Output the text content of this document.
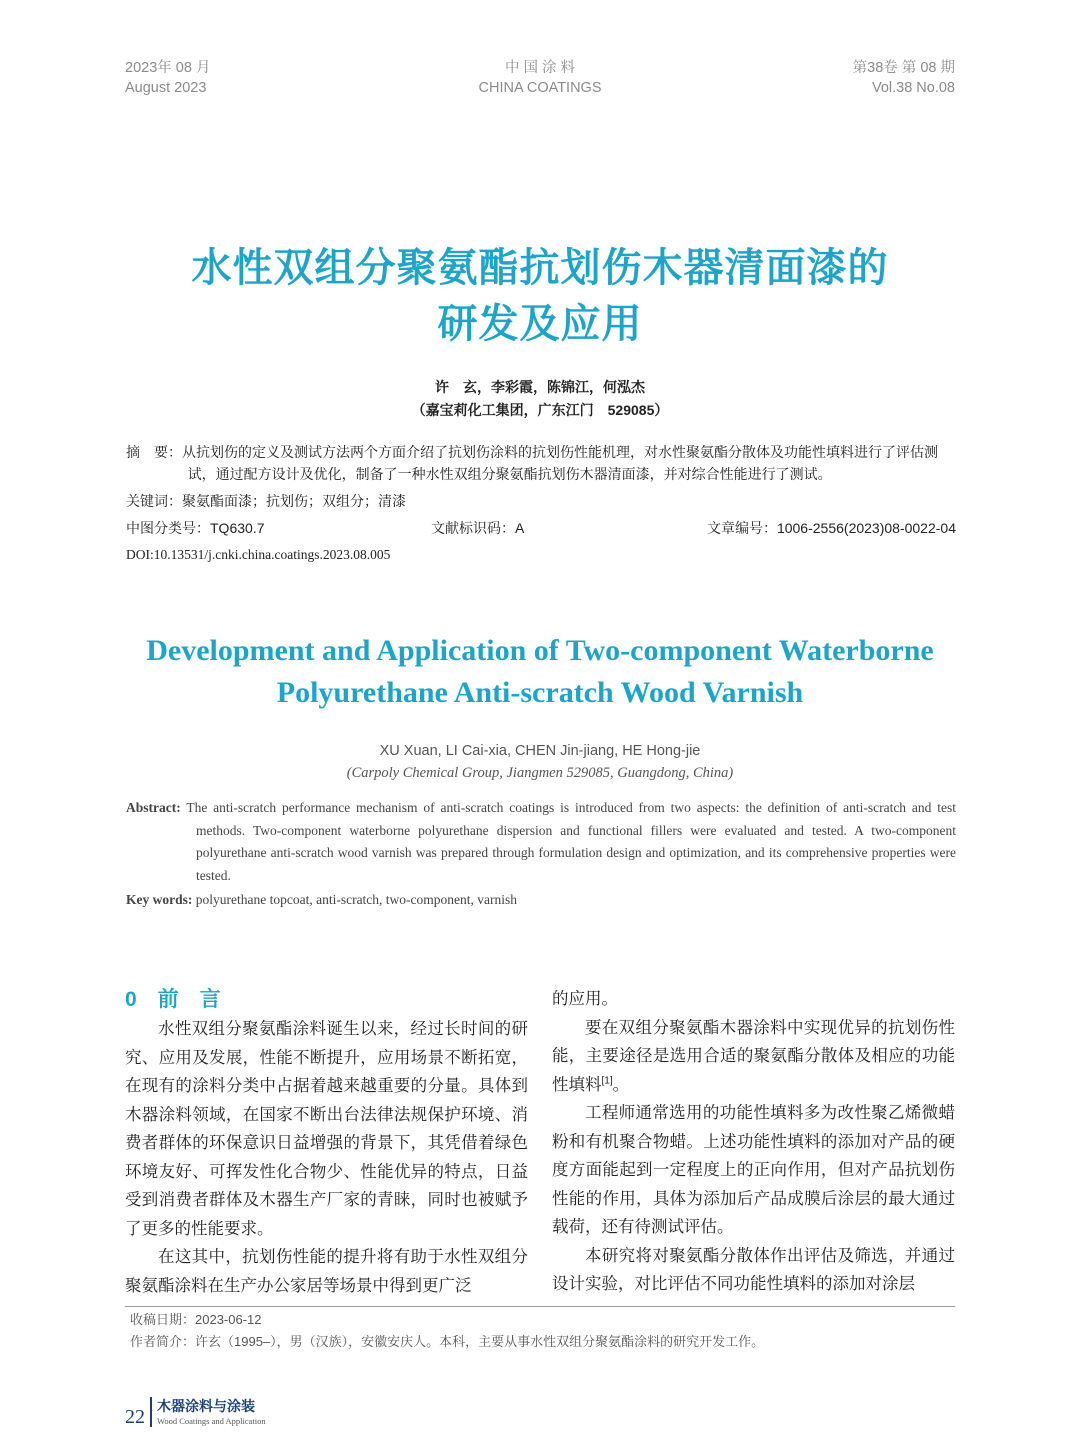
2023年 08 月
August 2023
中 国 涂 料
CHINA COATINGS
第38卷 第 08 期
Vol.38 No.08
水性双组分聚氨酯抗划伤木器清面漆的
研发及应用
许　玄，李彩霞，陈锦江，何泓杰
（嘉宝莉化工集团，广东江门　529085）
摘　要：从抗划伤的定义及测试方法两个方面介绍了抗划伤涂料的抗划伤性能机理，对水性聚氨酯分散体及功能性填料进行了评估测试，通过配方设计及优化，制备了一种水性双组分聚氨酯抗划伤木器清面漆，并对综合性能进行了测试。
关键词：聚氨酯面漆；抗划伤；双组分；清漆
中图分类号：TQ630.7	文献标识码：A	文章编号：1006-2556(2023)08-0022-04
DOI:10.13531/j.cnki.china.coatings.2023.08.005
Development and Application of Two-component Waterborne
Polyurethane Anti-scratch Wood Varnish
XU Xuan, LI Cai-xia, CHEN Jin-jiang, HE Hong-jie
(Carpoly Chemical Group, Jiangmen 529085, Guangdong, China)
Abstract: The anti-scratch performance mechanism of anti-scratch coatings is introduced from two aspects: the definition of anti-scratch and test methods. Two-component waterborne polyurethane dispersion and functional fillers were evaluated and tested. A two-component polyurethane anti-scratch wood varnish was prepared through formulation design and optimization, and its comprehensive properties were tested.
Key words: polyurethane topcoat, anti-scratch, two-component, varnish
0　前　言

水性双组分聚氨酯涂料诞生以来，经过长时间的研究、应用及发展，性能不断提升，应用场景不断拓宽，在现有的涂料分类中占据着越来越重要的分量。具体到木器涂料领域，在国家不断出台法律法规保护环境、消费者群体的环保意识日益增强的背景下，其凭借着绿色环境友好、可挥发性化合物少、性能优异的特点，日益受到消费者群体及木器生产厂家的青睐，同时也被赋予了更多的性能要求。

在这其中，抗划伤性能的提升将有助于水性双组分聚氨酯涂料在生产办公家居等场景中得到更广泛

的应用。

要在双组分聚氨酯木器涂料中实现优异的抗划伤性能，主要途径是选用合适的聚氨酯分散体及相应的功能性填料[1]。

工程师通常选用的功能性填料多为改性聚乙烯微蜡粉和有机聚合物蜡。上述功能性填料的添加对产品的硬度方面能起到一定程度上的正向作用，但对产品抗划伤性能的作用，具体为添加后产品成膜后涂层的最大通过载荷，还有待测试评估。

本研究将对聚氨酯分散体作出评估及筛选，并通过设计实验，对比评估不同功能性填料的添加对涂层

收稿日期：2023-06-12
作者简介：许玄（1995–），男（汉族），安徽安庆人。本科，主要从事水性双组分聚氨酯涂料的研究开发工作。
22 木器涂料与涂装
Wood Coatings and Application
